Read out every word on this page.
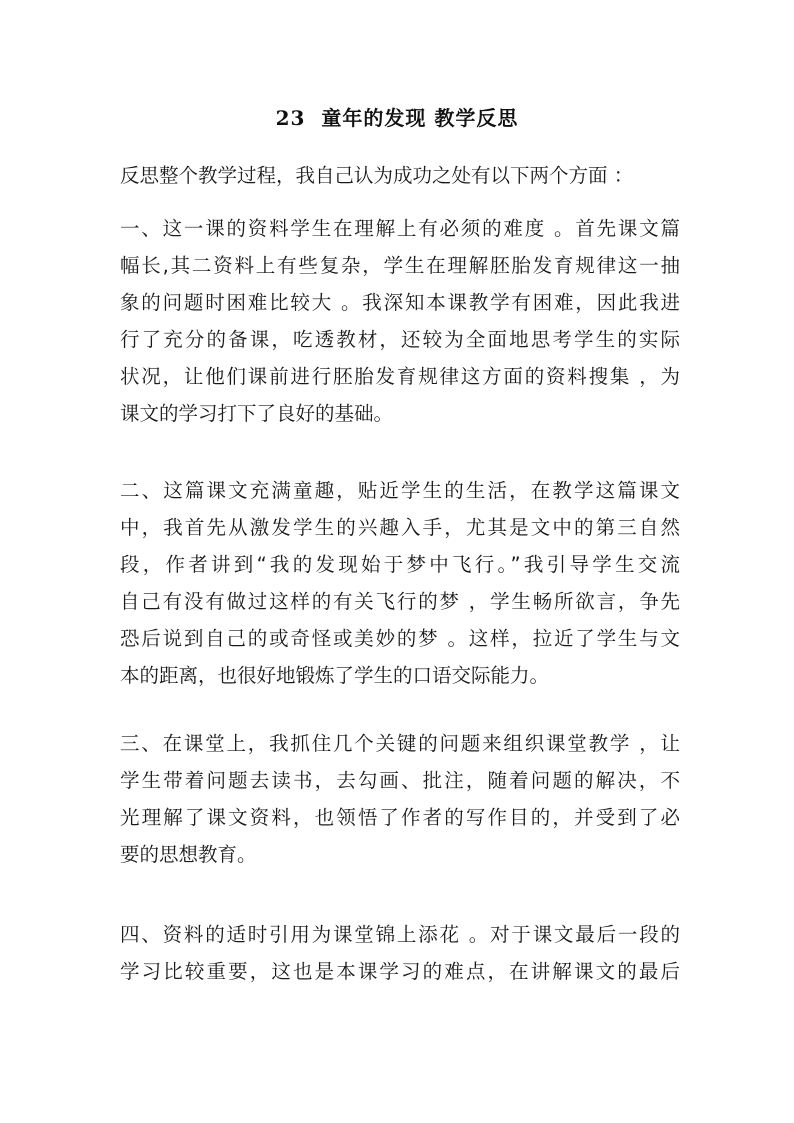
23  童年的发现 教学反思
反思整个教学过程，我自己认为成功之处有以下两个方面 ：
一、这一课的资料学生在理解上有必须的难度 。首先课文篇
幅长,其二资料上有些复杂，学生在理解胚胎发育规律这一抽
象的问题时困难比较大 。我深知本课教学有困难，因此我进
行了充分的备课，吃透教材，还较为全面地思考学生的实际
状况，让他们课前进行胚胎发育规律这方面的资料搜集 ，为
课文的学习打下了良好的基础。
二、这篇课文充满童趣，贴近学生的生活，在教学这篇课文
中，我首先从激发学生的兴趣入手，尤其是文中的第三自然
段，作者讲到“我的发现始于梦中飞行。”我引导学生交流
自己有没有做过这样的有关飞行的梦 ，学生畅所欲言，争先
恐后说到自己的或奇怪或美妙的梦 。这样，拉近了学生与文
本的距离，也很好地锻炼了学生的口语交际能力。
三、在课堂上，我抓住几个关键的问题来组织课堂教学 ，让
学生带着问题去读书，去勾画、批注，随着问题的解决，不
光理解了课文资料，也领悟了作者的写作目的，并受到了必
要的思想教育。
四、资料的适时引用为课堂锦上添花 。对于课文最后一段的
学习比较重要，这也是本课学习的难点，在讲解课文的最后
